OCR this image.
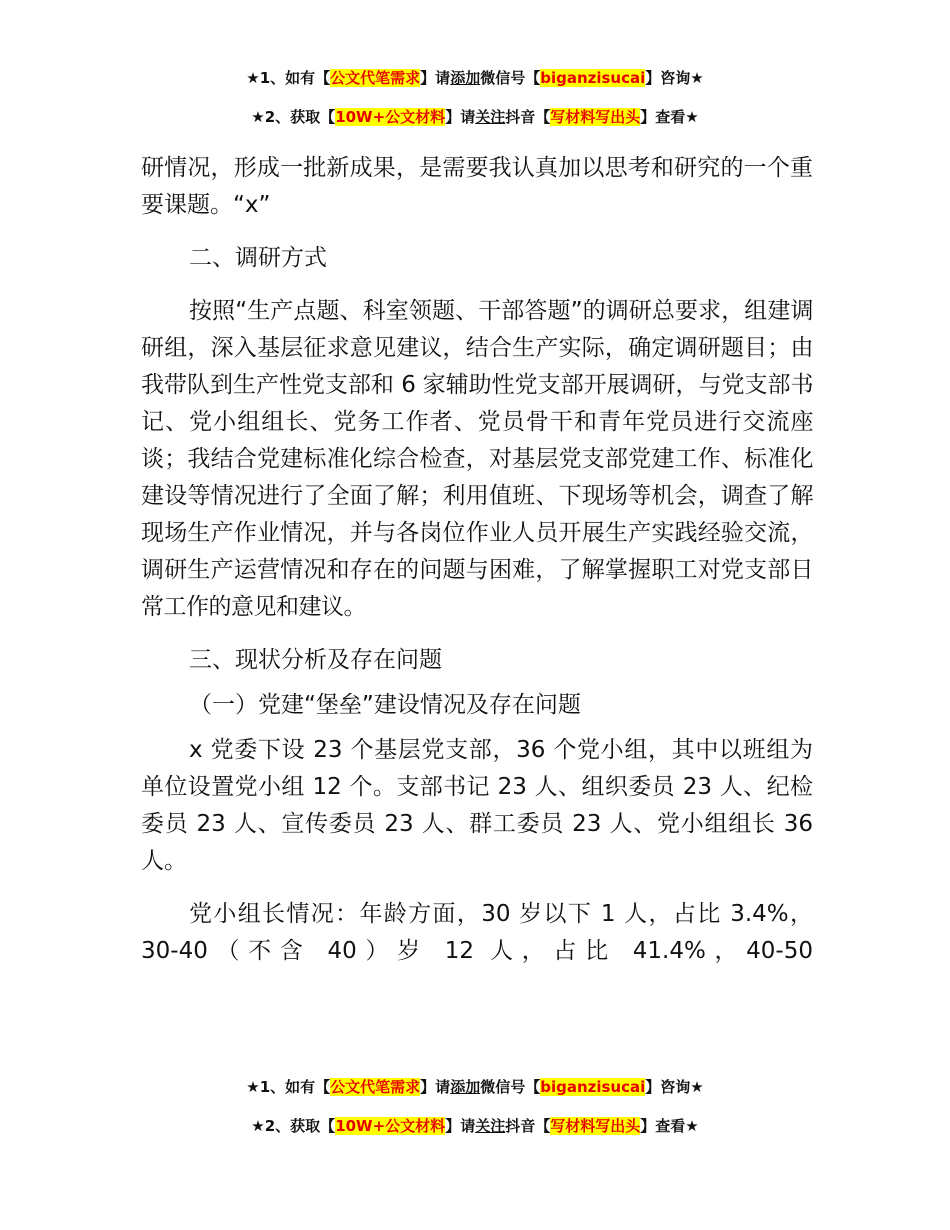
★1、如有【公文代笔需求】请添加微信号【biganzisucai】咨询★
★2、获取【10W+公文材料】请关注抖音【写材料写出头】查看★

研情况，形成一批新成果，是需要我认真加以思考和研究的一个重要课题。“x”

二、调研方式

按照“生产点题、科室领题、干部答题”的调研总要求，组建调研组，深入基层征求意见建议，结合生产实际，确定调研题目；由我带队到生产性党支部和 6 家辅助性党支部开展调研，与党支部书记、党小组组长、党务工作者、党员骨干和青年党员进行交流座谈；我结合党建标准化综合检查，对基层党支部党建工作、标准化建设等情况进行了全面了解；利用值班、下现场等机会，调查了解现场生产作业情况，并与各岗位作业人员开展生产实践经验交流，调研生产运营情况和存在的问题与困难，了解掌握职工对党支部日常工作的意见和建议。

三、现状分析及存在问题

（一）党建“堡垒”建设情况及存在问题

x 党委下设 23 个基层党支部，36 个党小组，其中以班组为单位设置党小组 12 个。支部书记 23 人、组织委员 23 人、纪检委员 23 人、宣传委员 23 人、群工委员 23 人、党小组组长 36 人。

党小组长情况：年龄方面，30 岁以下 1 人，占比 3.4%，30-40（不含 40）岁 12 人，占比 41.4%，40-50

★1、如有【公文代笔需求】请添加微信号【biganzisucai】咨询★
★2、获取【10W+公文材料】请关注抖音【写材料写出头】查看★
